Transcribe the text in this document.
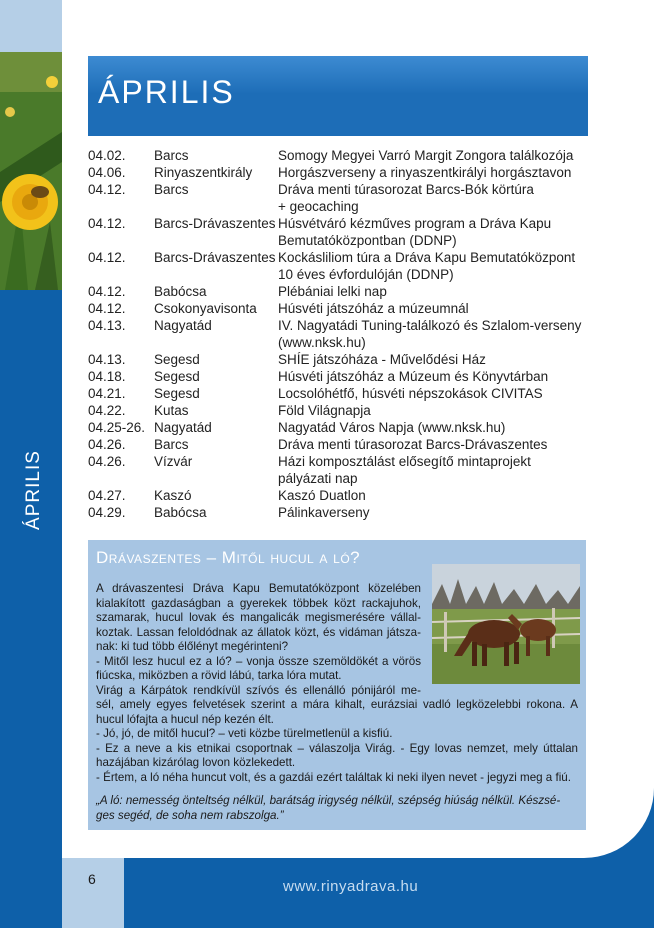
ÁPRILIS
ÁPRILIS
04.02.	Barcs	Somogy Megyei Varró Margit Zongora találkozója
04.06.	Rinyaszentkirály	Horgászverseny a rinyaszentkirályi horgásztavon
04.12.	Barcs	Dráva menti túrasorozat Barcs-Bók körtúra
+ geocaching
04.12.	Barcs-Drávaszentes Húsvétváró kézműves program a Dráva Kapu
Bemutatóközpontban (DDNP)
04.12.	Barcs-Drávaszentes Kockásliliom túra a Dráva Kapu Bemutatóközpont
10 éves évfordulóján (DDNP)
04.12.	Babócsa	Plébániai lelki nap
04.12.	Csokonyavisonta	Húsvéti játszóház a múzeumnál
04.13.	Nagyatád	IV. Nagyatádi Tuning-találkozó és Szlalom-verseny
(www.nksk.hu)
04.13.	Segesd	SHÍE játszóháza - Művelődési Ház
04.18.	Segesd	Húsvéti játszóház a Múzeum és Könyvtárban
04.21.	Segesd	Locsolóhétfő, húsvéti népszokások CIVITAS
04.22.	Kutas	Föld Világnapja
04.25-26. Nagyatád	Nagyatád Város Napja (www.nksk.hu)
04.26.	Barcs	Dráva menti túrasorozat Barcs-Drávaszentes
04.26.	Vízvár	Házi komposztálást elősegítő mintaprojekt
pályázati nap
04.27.	Kaszó	Kaszó Duatlon
04.29.	Babócsa	Pálinkaverseny
Drávaszentes – Mitől hucul a ló?
A drávaszentesi Dráva Kapu Bemutatóközpont közelében
kialakított gazdaságban a gyerekek többek közt rackajuhok,
szamarak, hucul lovak és mangalicák megismerésére vállal-
koztak. Lassan feloldódnak az állatok közt, és vidáman játsza-
nak: ki tud több élőlényt megérinteni?
- Mitől lesz hucul ez a ló? – vonja össze szemöldökét a vörös
fiúcska, miközben a rövid lábú, tarka lóra mutat.
Virág a Kárpátok rendkívül szívós és ellenálló pónijáról me-
sél, amely egyes felvetések szerint a mára kihalt, eurázsiai vadló legközelebbi rokona. A
hucul lófajta a hucul nép kezén élt.
- Jó, jó, de mitől hucul? – veti közbe türelmetlenül a kisfiú.
- Ez a neve a kis etnikai csoportnak – válaszolja Virág. - Egy lovas nemzet, mely úttalan
hazájában kizárólag lovon közlekedett.
- Értem, a ló néha huncut volt, és a gazdái ezért találtak ki neki ilyen nevet - jegyzi meg a fiú.
„A ló: nemesség önteltség nélkül, barátság irigység nélkül, szépség hiúság nélkül. Készsé-ges segéd, de soha nem rabszolga.”
6	www.rinyadrava.hu
